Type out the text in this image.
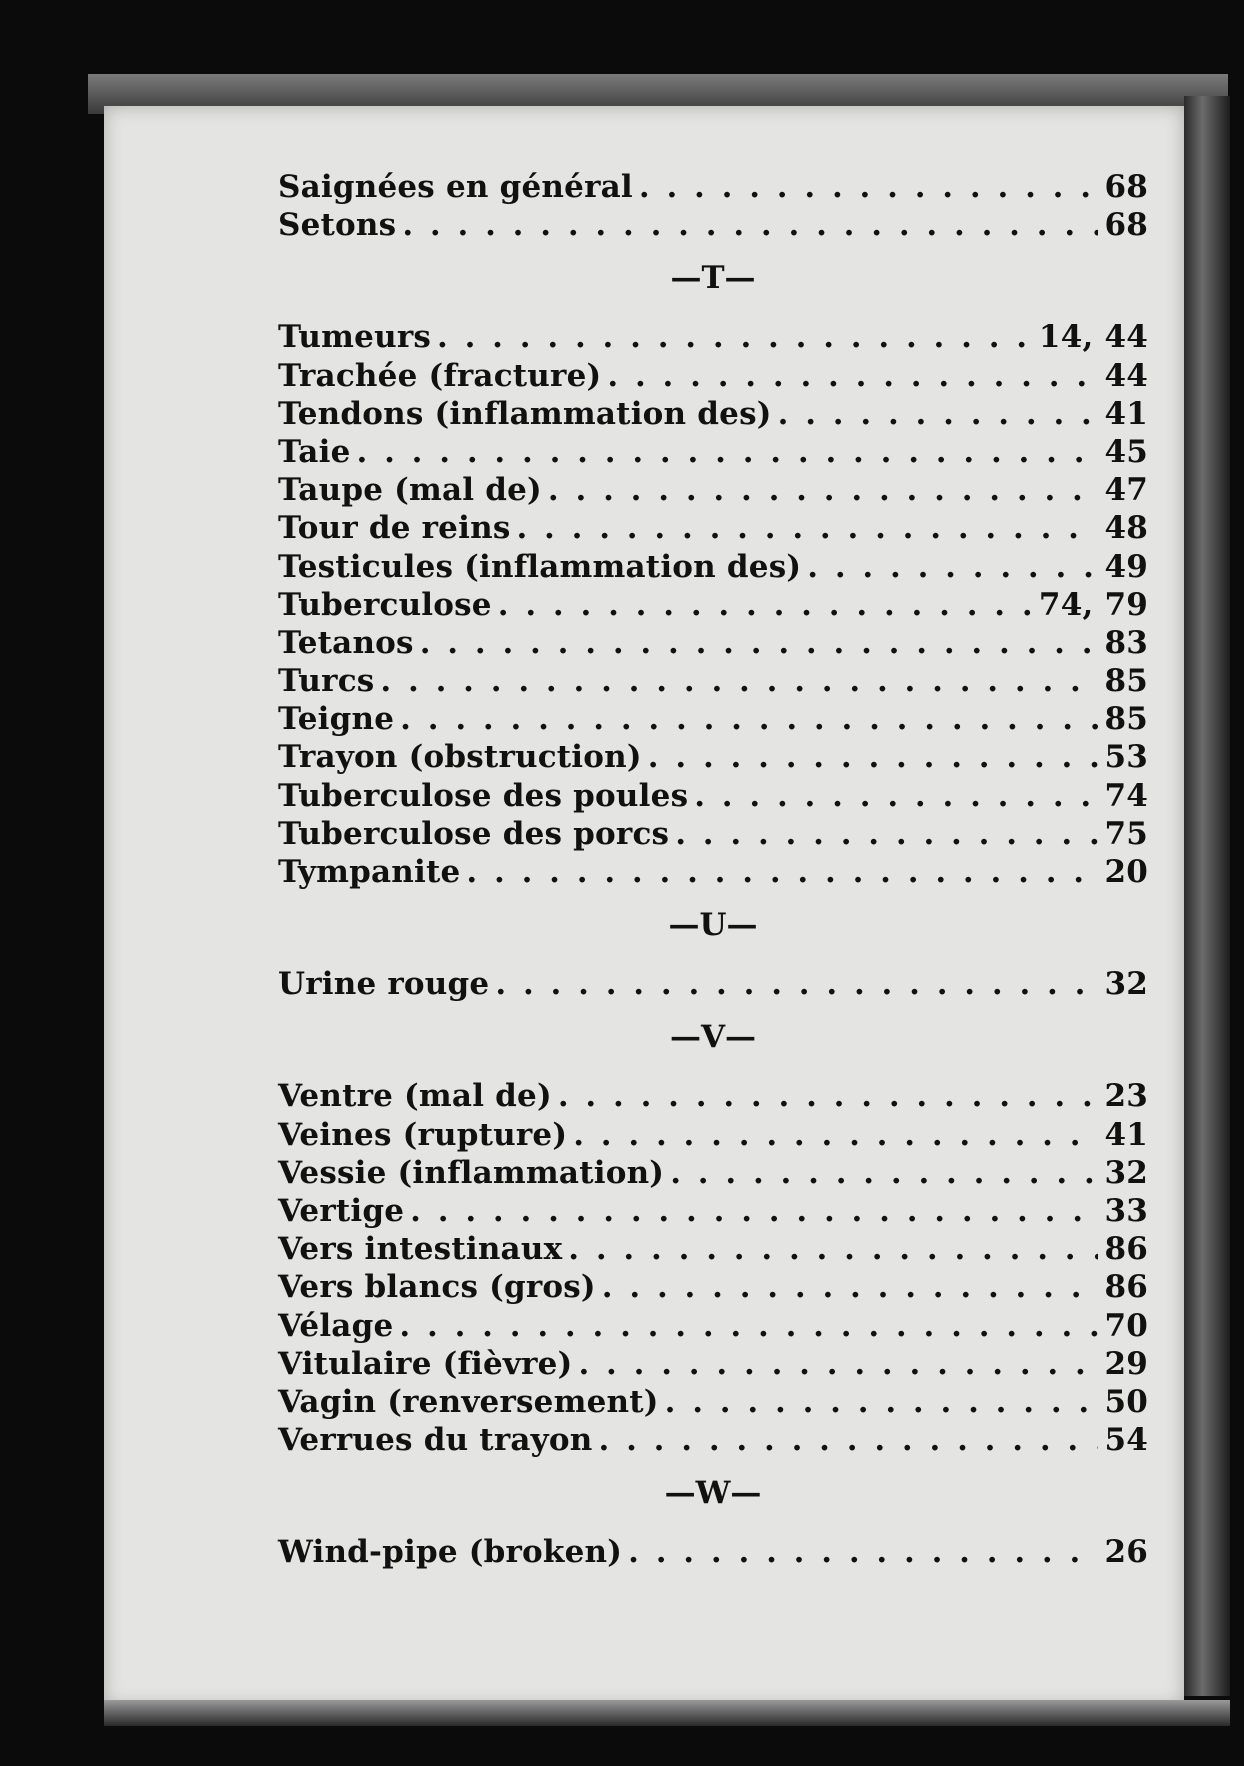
Saignées en général . . .	68
Setons . . .	68
—T—
Tumeurs . . .	14, 44
Trachée (fracture) . . .	44
Tendons (inflammation des) . . .	41
Taie . . .	45
Taupe (mal de) . . .	47
Tour de reins . . .	48
Testicules (inflammation des) . . .	49
Tuberculose . . .	74, 79
Tetanos . . .	83
Turcs . . .	85
Teigne . . .	85
Trayon (obstruction) . . .	53
Tuberculose des poules . . .	74
Tuberculose des porcs . . .	75
Tympanite . . .	20
—U—
Urine rouge . . .	32
—V—
Ventre (mal de) . . .	23
Veines (rupture) . . .	41
Vessie (inflammation) . . .	32
Vertige . . .	33
Vers intestinaux . . .	86
Vers blancs (gros) . . .	86
Vélage . . .	70
Vitulaire (fièvre) . . .	29
Vagin (renversement) . . .	50
Verrues du trayon . . .	54
—W—
Wind-pipe (broken) . . .	26
